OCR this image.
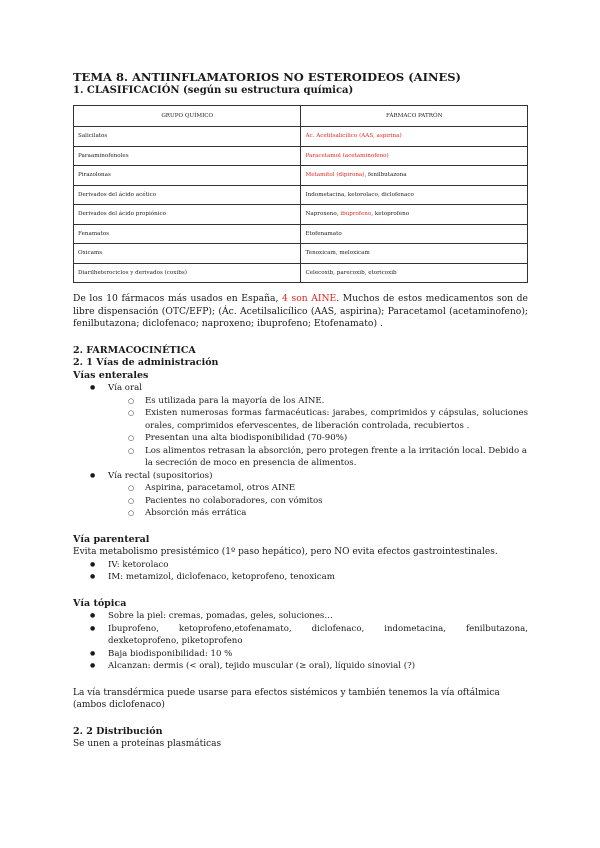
TEMA 8. ANTIINFLAMATORIOS NO ESTEROIDEOS (AINES)

1. CLASIFICACIÓN (según su estructura química)

GRUPO QUÍMICO	FÁRMACO PATRÓN
Salicilatos	Ác. Acetilsalicílico (AAS, aspirina)
Paraaminofenoles	Paracetamol (acetaminofeno)
Pirazolonas	Metamitol (dipirona), fenilbutazona
Derivados del ácido acético	Indometacina, ketorolaco, diclofenaco
Derivados del ácido propiónico	Naproxeno, ibuprofeno, ketoprofeno
Fenamatos	Etofenamato
Oxicams	Tenoxicam, meloxicam
Diarilheterociclos y derivados (coxibs)	Celecoxib, parecoxib, etoricoxib

De los 10 fármacos más usados en España, 4 son AINE. Muchos de estos medicamentos son de libre dispensación (OTC/EFP); (Ác. Acetilsalicílico (AAS, aspirina); Paracetamol (acetaminofeno); fenilbutazona; diclofenaco; naproxeno; ibuprofeno; Etofenamato) .

2. FARMACOCINÉTICA

2. 1 Vías de administración

Vías enterales

● Vía oral
○ Es utilizada para la mayoría de los AINE.
○ Existen numerosas formas farmacéuticas: jarabes, comprimidos y cápsulas, soluciones orales, comprimidos efervescentes, de liberación controlada, recubiertos .
○ Presentan una alta biodisponibilidad (70-90%)
○ Los alimentos retrasan la absorción, pero protegen frente a la irritación local. Debido a la secreción de moco en presencia de alimentos.
● Vía rectal (supositorios)
○ Aspirina, paracetamol, otros AINE
○ Pacientes no colaboradores, con vómitos
○ Absorción más errática

Vía parenteral

Evita metabolismo presistémico (1º paso hepático), pero NO evita efectos gastrointestinales.

● IV: ketorolaco
● IM: metamizol, diclofenaco, ketoprofeno, tenoxicam

Vía tópica

● Sobre la piel: cremas, pomadas, geles, soluciones…
● Ibuprofeno, ketoprofeno,etofenamato, diclofenaco, indometacina, fenilbutazona, dexketoprofeno, piketoprofeno
● Baja biodisponibilidad: 10 %
● Alcanzan: dermis (< oral), tejido muscular (≥ oral), líquido sinovial (?)

La vía transdérmica puede usarse para efectos sistémicos y también tenemos la vía oftálmica (ambos diclofenaco)

2. 2 Distribución

Se unen a proteínas plasmáticas
